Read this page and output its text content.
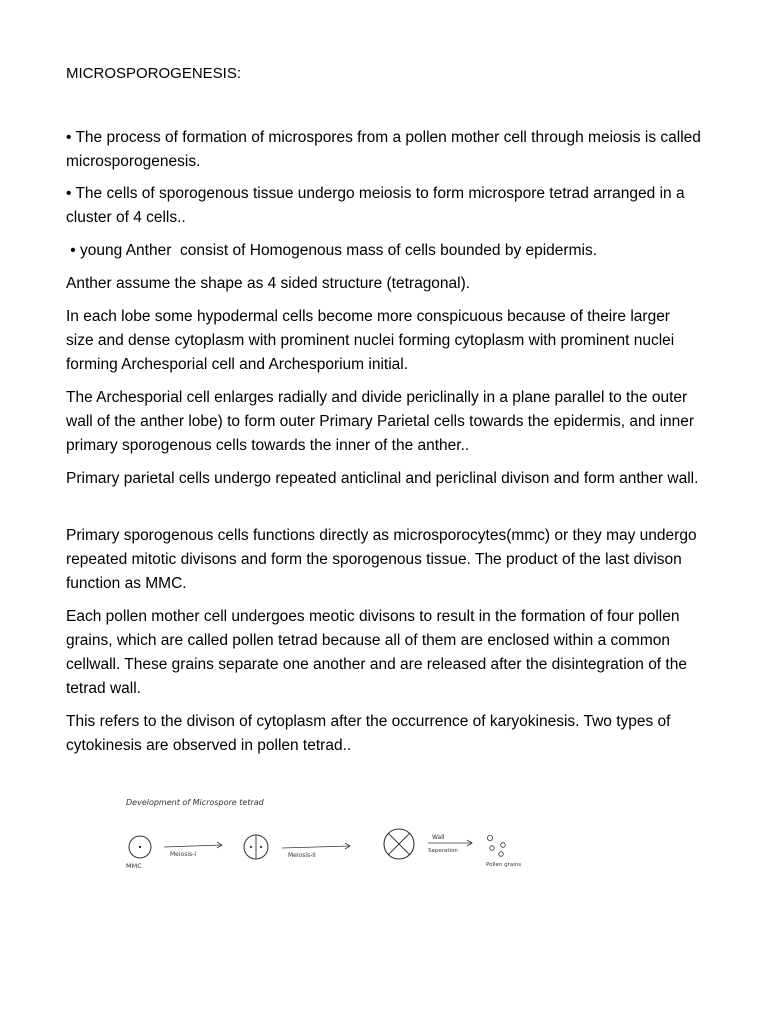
MICROSPOROGENESIS:

• The process of formation of microspores from a pollen mother cell through meiosis is called microsporogenesis.

• The cells of sporogenous tissue undergo meiosis to form microspore tetrad arranged in a cluster of 4 cells..

• young Anther  consist of Homogenous mass of cells bounded by epidermis.

Anther assume the shape as 4 sided structure (tetragonal).

In each lobe some hypodermal cells become more conspicuous because of theire larger size and dense cytoplasm with prominent nuclei forming cytoplasm with prominent nuclei forming Archesporial cell and Archesporium initial.

The Archesporial cell enlarges radially and divide periclinally in a plane parallel to the outer wall of the anther lobe) to form outer Primary Parietal cells towards the epidermis, and inner primary sporogenous cells towards the inner of the anther..

Primary parietal cells undergo repeated anticlinal and periclinal divison and form anther wall.

Primary sporogenous cells functions directly as microsporocytes(mmc) or they may undergo repeated mitotic divisons and form the sporogenous tissue. The product of the last divison function as MMC.

Each pollen mother cell undergoes meotic divisons to result in the formation of four pollen grains, which are called pollen tetrad because all of them are enclosed within a common cellwall. These grains separate one another and are released after the disintegration of the tetrad wall.

This refers to the divison of cytoplasm after the occurrence of karyokinesis. Two types of cytokinesis are observed in pollen tetrad..

Development of Microspore tetrad
MMC
Meiosis-I	Meiosis-II
Wall
Seperation
Pollen grains
